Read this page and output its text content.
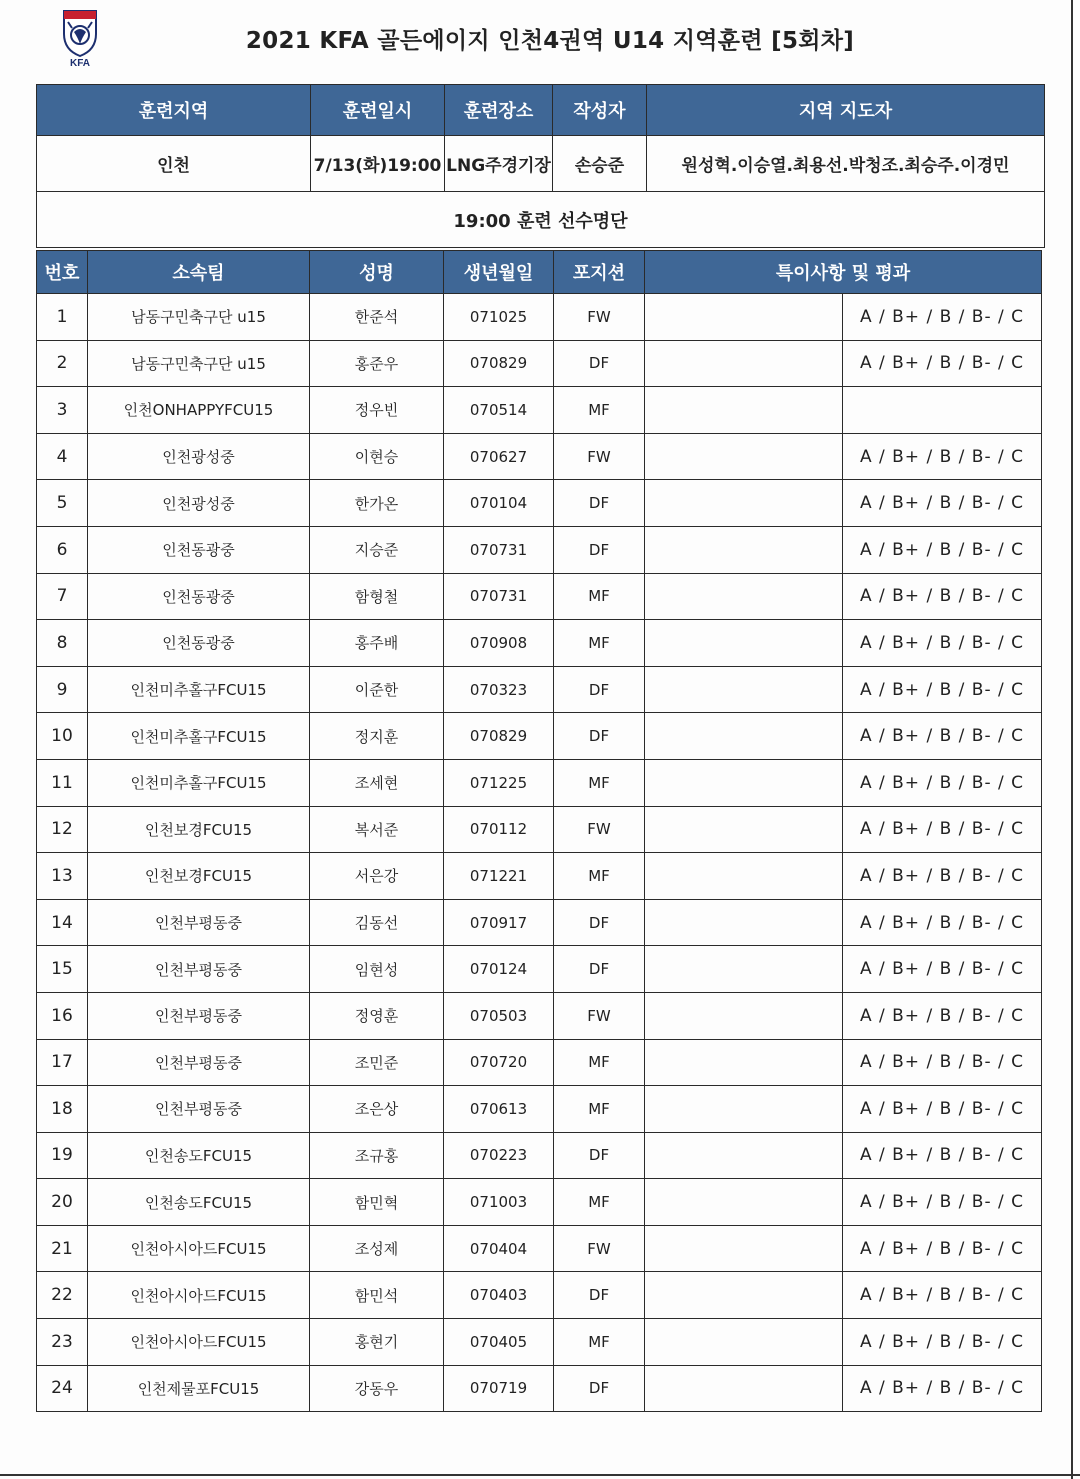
KFA
2021 KFA 골든에이지 인천4권역 U14 지역훈련 [5회차]
훈련지역	훈련일시	훈련장소	작성자	지역 지도자
인천	7/13(화)19:00	LNG주경기장	손승준	원성혁.이승열.최용선.박청조.최승주.이경민
19:00 훈련 선수명단				
번호	소속팀	성명	생년월일	포지션	특이사항 및 평과	
1	남동구민축구단 u15	한준석	071025	FW		A / B+ / B / B- / C
2	남동구민축구단 u15	홍준우	070829	DF		A / B+ / B / B- / C
3	인천ONHAPPYFCU15	정우빈	070514	MF		
4	인천광성중	이현승	070627	FW		A / B+ / B / B- / C
5	인천광성중	한가온	070104	DF		A / B+ / B / B- / C
6	인천동광중	지승준	070731	DF		A / B+ / B / B- / C
7	인천동광중	함형철	070731	MF		A / B+ / B / B- / C
8	인천동광중	홍주배	070908	MF		A / B+ / B / B- / C
9	인천미추홀구FCU15	이준한	070323	DF		A / B+ / B / B- / C
10	인천미추홀구FCU15	정지훈	070829	DF		A / B+ / B / B- / C
11	인천미추홀구FCU15	조세현	071225	MF		A / B+ / B / B- / C
12	인천보경FCU15	복서준	070112	FW		A / B+ / B / B- / C
13	인천보경FCU15	서은강	071221	MF		A / B+ / B / B- / C
14	인천부평동중	김동선	070917	DF		A / B+ / B / B- / C
15	인천부평동중	임현성	070124	DF		A / B+ / B / B- / C
16	인천부평동중	정영훈	070503	FW		A / B+ / B / B- / C
17	인천부평동중	조민준	070720	MF		A / B+ / B / B- / C
18	인천부평동중	조은상	070613	MF		A / B+ / B / B- / C
19	인천송도FCU15	조규홍	070223	DF		A / B+ / B / B- / C
20	인천송도FCU15	함민혁	071003	MF		A / B+ / B / B- / C
21	인천아시아드FCU15	조성제	070404	FW		A / B+ / B / B- / C
22	인천아시아드FCU15	함민석	070403	DF		A / B+ / B / B- / C
23	인천아시아드FCU15	홍현기	070405	MF		A / B+ / B / B- / C
24	인천제물포FCU15	강동우	070719	DF		A / B+ / B / B- / C
